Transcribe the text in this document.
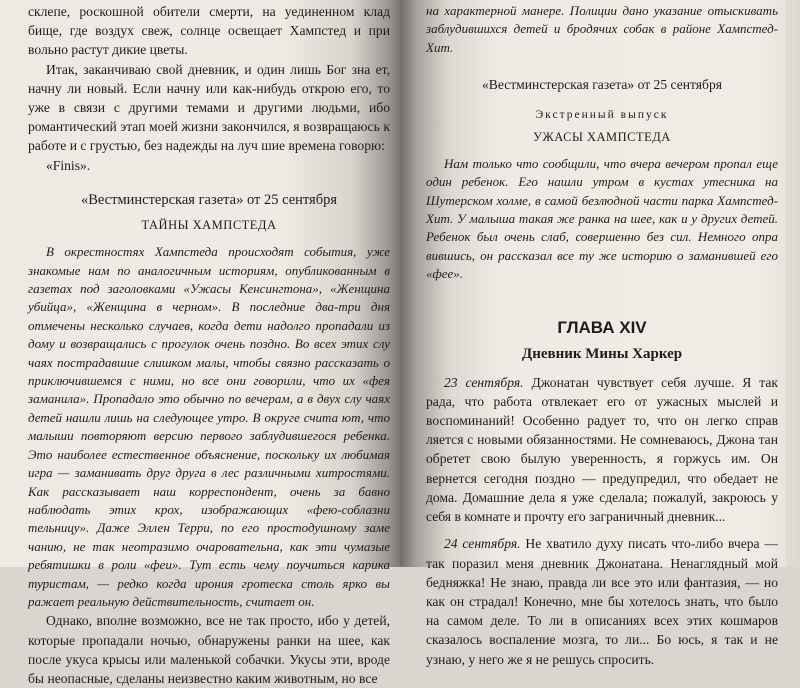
склепе, роскошной обители смерти, на уединенном клад бище, где воздух свеж, солнце освещает Хампстед и при вольно растут дикие цветы.

Итак, заканчиваю свой дневник, и один лишь Бог зна ет, начну ли новый. Если начну или как-нибудь открою его, то уже в связи с другими темами и другими людьми, ибо романтический этап моей жизни закончился, я возвращаюсь к работе и с грустью, без надежды на луч шие времена говорю:

«Finis».

«Вестминстерская газета» от 25 сентября

ТАЙНЫ ХАМПСТЕДА

В окрестностях Хампстеда происходят события, уже знакомые нам по аналогичным историям, опубликованным в газетах под заголовками «Ужасы Кенсингтона», «Женщина убийца», «Женщина в черном». В последние два-три дня отмечены несколько случаев, когда дети надолго пропадали из дому и возвращались с прогулок очень поздно. Во всех этих слу чаях пострадавшие слишком малы, чтобы связно рассказать о приключившемся с ними, но все они говорили, что их «фея заманила». Пропадало это обычно по вечерам, а в двух слу чаях детей нашли лишь на следующее утро. В округе счита ют, что малыши повторяют версию первого заблудившегося ребенка. Это наиболее естественное объяснение, поскольку их любимая игра — заманивать друг друга в лес различными хитростями. Как рассказывает наш корреспондент, очень за бавно наблюдать этих крох, изображающих «фею-соблазни тельницу». Даже Эллен Терри, по его простодушному заме чанию, не так неотразимо очаровательна, как эти чумазые ребятишки в роли «феи». Тут есть чему поучиться карика туристам, — редко когда ирония гротеска столь ярко вы ражает реальную действительность, считает он.

Однако, вполне возможно, все не так просто, ибо у детей, которые пропадали ночью, обнаружены ранки на шее, как после укуса крысы или маленькой собачки. Укусы эти, вроде бы неопасные, сделаны неизвестно каким животным, но все

на характерной манере. Полиции дано указание отыскивать заблудившихся детей и бродячих собак в районе Хампстед-Хит.

«Вестминстерская газета» от 25 сентября

Экстренный выпуск

УЖАСЫ ХАМПСТЕДА

Нам только что сообщили, что вчера вечером пропал еще один ребенок. Его нашли утром в кустах утесника на Шутерском холме, в самой безлюдной части парка Хампстед-Хит. У малыша такая же ранка на шее, как и у других детей. Ребенок был очень слаб, совершенно без сил. Немного опра вившись, он рассказал все ту же историю о заманившей его «фее».

ГЛАВА XIV
Дневник Мины Харкер

23 сентября. Джонатан чувствует себя лучше. Я так рада, что работа отвлекает его от ужасных мыслей и воспоминаний! Особенно радует то, что он легко справ ляется с новыми обязанностями. Не сомневаюсь, Джона тан обретет свою былую уверенность, я горжусь им. Он вернется сегодня поздно — предупредил, что обедает не дома. Домашние дела я уже сделала; пожалуй, закроюсь у себя в комнате и прочту его заграничный дневник...

24 сентября. Не хватило духу писать что-либо вчера — так поразил меня дневник Джонатана. Ненаглядный мой бедняжка! Не знаю, правда ли все это или фантазия, — но как он страдал! Конечно, мне бы хотелось знать, что было на самом деле. То ли в описаниях всех этих кошмаров сказалось воспаление мозга, то ли... Бо юсь, я так и не узнаю, у него же я не решусь спросить.
